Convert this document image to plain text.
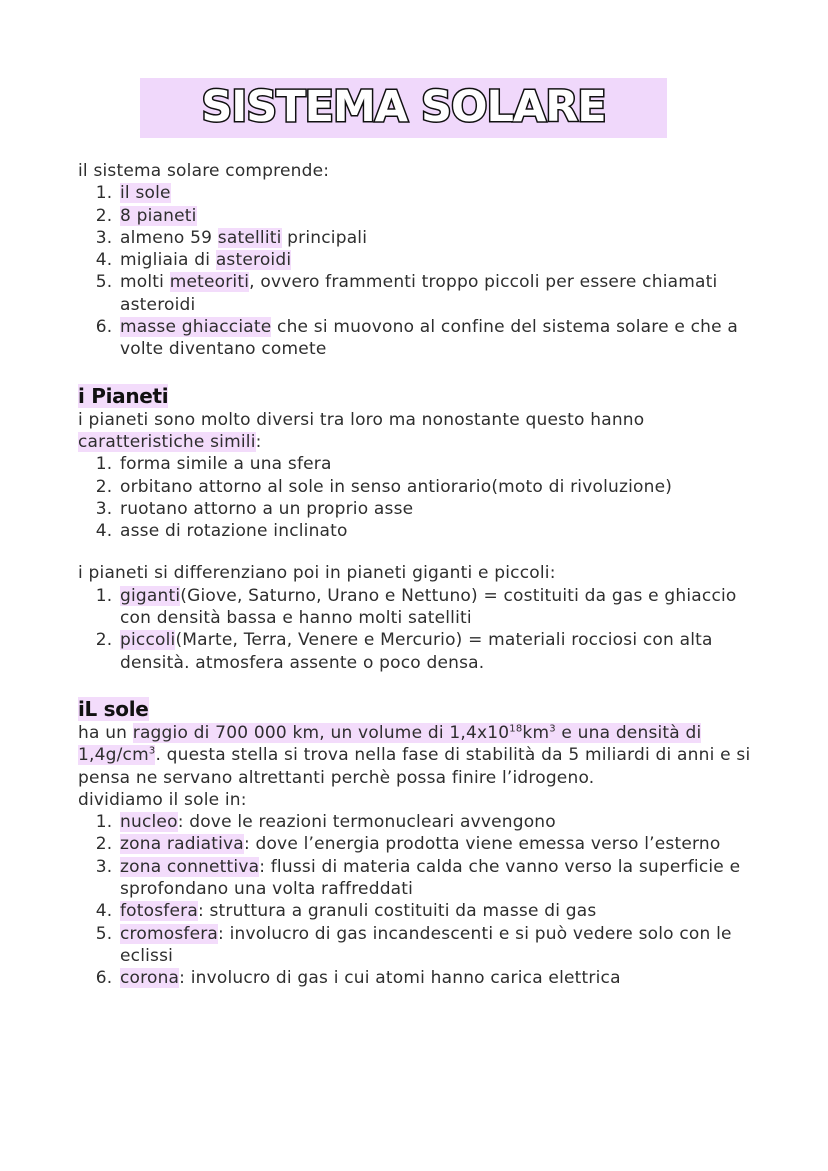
SISTEMA SOLARE

il sistema solare comprende:

1. il sole
2. 8 pianeti
3. almeno 59 satelliti principali
4. migliaia di asteroidi
5. molti meteoriti, ovvero frammenti troppo piccoli per essere chiamati asteroidi
6. masse ghiacciate che si muovono al confine del sistema solare e che a volte diventano comete
i Pianeti

i pianeti sono molto diversi tra loro ma nonostante questo hanno caratteristiche simili:

1. forma simile a una sfera
2. orbitano attorno al sole in senso antiorario(moto di rivoluzione)
3. ruotano attorno a un proprio asse
4. asse di rotazione inclinato

i pianeti si differenziano poi in pianeti giganti e piccoli:

1. giganti(Giove, Saturno, Urano e Nettuno) = costituiti da gas e ghiaccio con densità bassa e hanno molti satelliti
2. piccoli(Marte, Terra, Venere e Mercurio) = materiali rocciosi con alta densità. atmosfera assente o poco densa.
iL sole

ha un raggio di 700 000 km, un volume di $1,4x10^{18}km^3$ e una densità di $1,4g/cm^3$. questa stella si trova nella fase di stabilità da 5 miliardi di anni e si pensa ne servano altrettanti perchè possa finire l’idrogeno.

dividiamo il sole in:

1. nucleo: dove le reazioni termonucleari avvengono
2. zona radiativa: dove l’energia prodotta viene emessa verso l’esterno
3. zona connettiva: flussi di materia calda che vanno verso la superficie e sprofondano una volta raffreddati
4. fotosfera: struttura a granuli costituiti da masse di gas
5. cromosfera: involucro di gas incandescenti e si può vedere solo con le eclissi
6. corona: involucro di gas i cui atomi hanno carica elettrica
